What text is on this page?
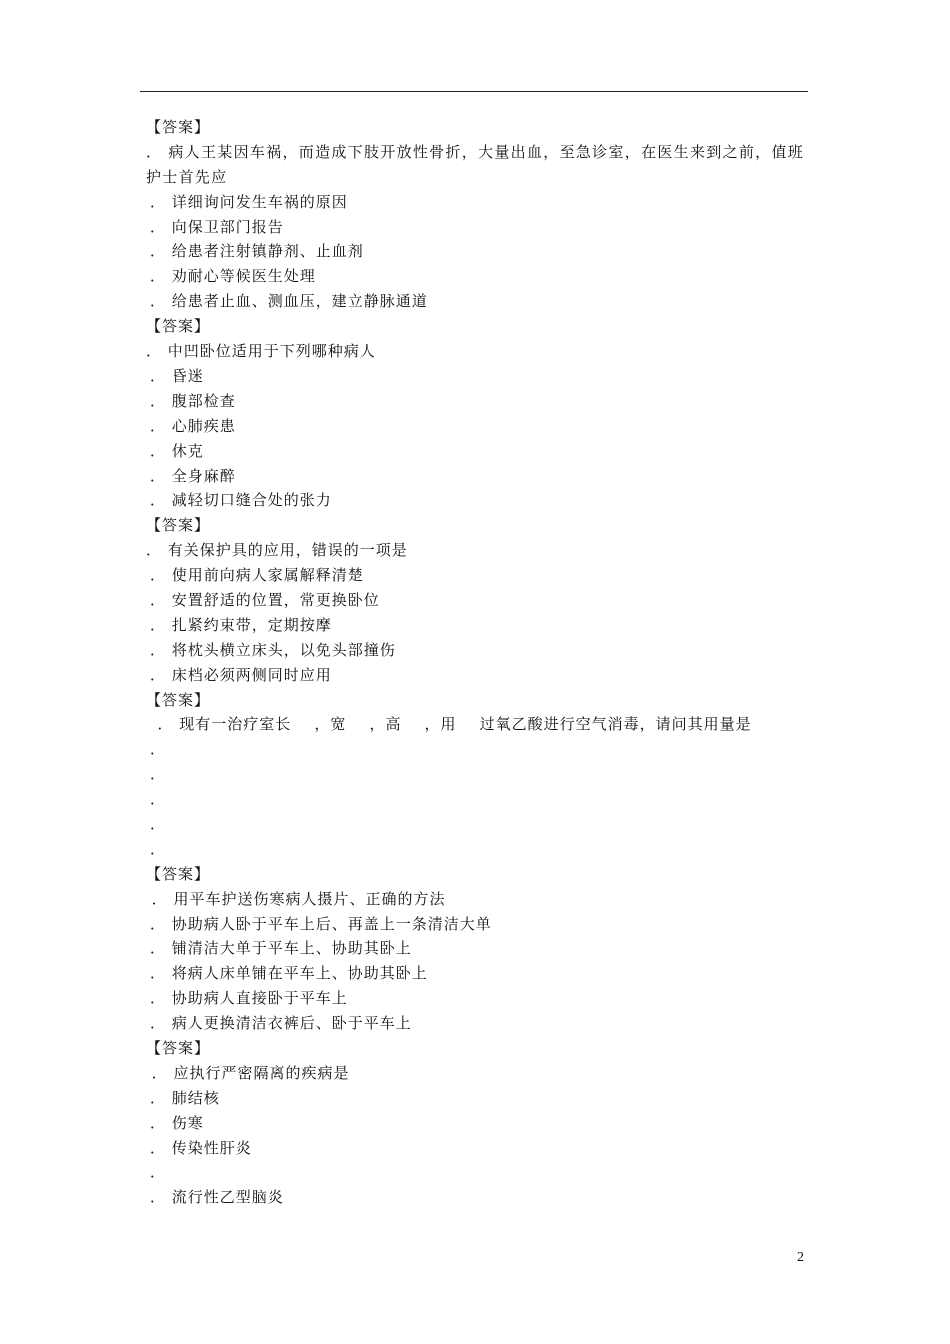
【答案】
． 病人王某因车祸，而造成下肢开放性骨折，大量出血，至急诊室，在医生来到之前，值班护士首先应
． 详细询问发生车祸的原因
． 向保卫部门报告
． 给患者注射镇静剂、止血剂
． 劝耐心等候医生处理
． 给患者止血、测血压，建立静脉通道
【答案】
． 中凹卧位适用于下列哪种病人
． 昏迷
． 腹部检查
． 心肺疾患
． 休克
． 全身麻醉
． 减轻切口缝合处的张力
【答案】
． 有关保护具的应用，错误的一项是
． 使用前向病人家属解释清楚
． 安置舒适的位置，常更换卧位
． 扎紧约束带，定期按摩
． 将枕头横立床头，以免头部撞伤
． 床档必须两侧同时应用
【答案】
． 现有一治疗室长    ，宽    ，高    ，用    过氧乙酸进行空气消毒，请问其用量是
．
．
．
．
．
【答案】
． 用平车护送伤寒病人摄片、正确的方法
． 协助病人卧于平车上后、再盖上一条清洁大单
． 铺清洁大单于平车上、协助其卧上
． 将病人床单铺在平车上、协助其卧上
． 协助病人直接卧于平车上
． 病人更换清洁衣裤后、卧于平车上
【答案】
． 应执行严密隔离的疾病是
． 肺结核
． 伤寒
． 传染性肝炎
．
． 流行性乙型脑炎
2
